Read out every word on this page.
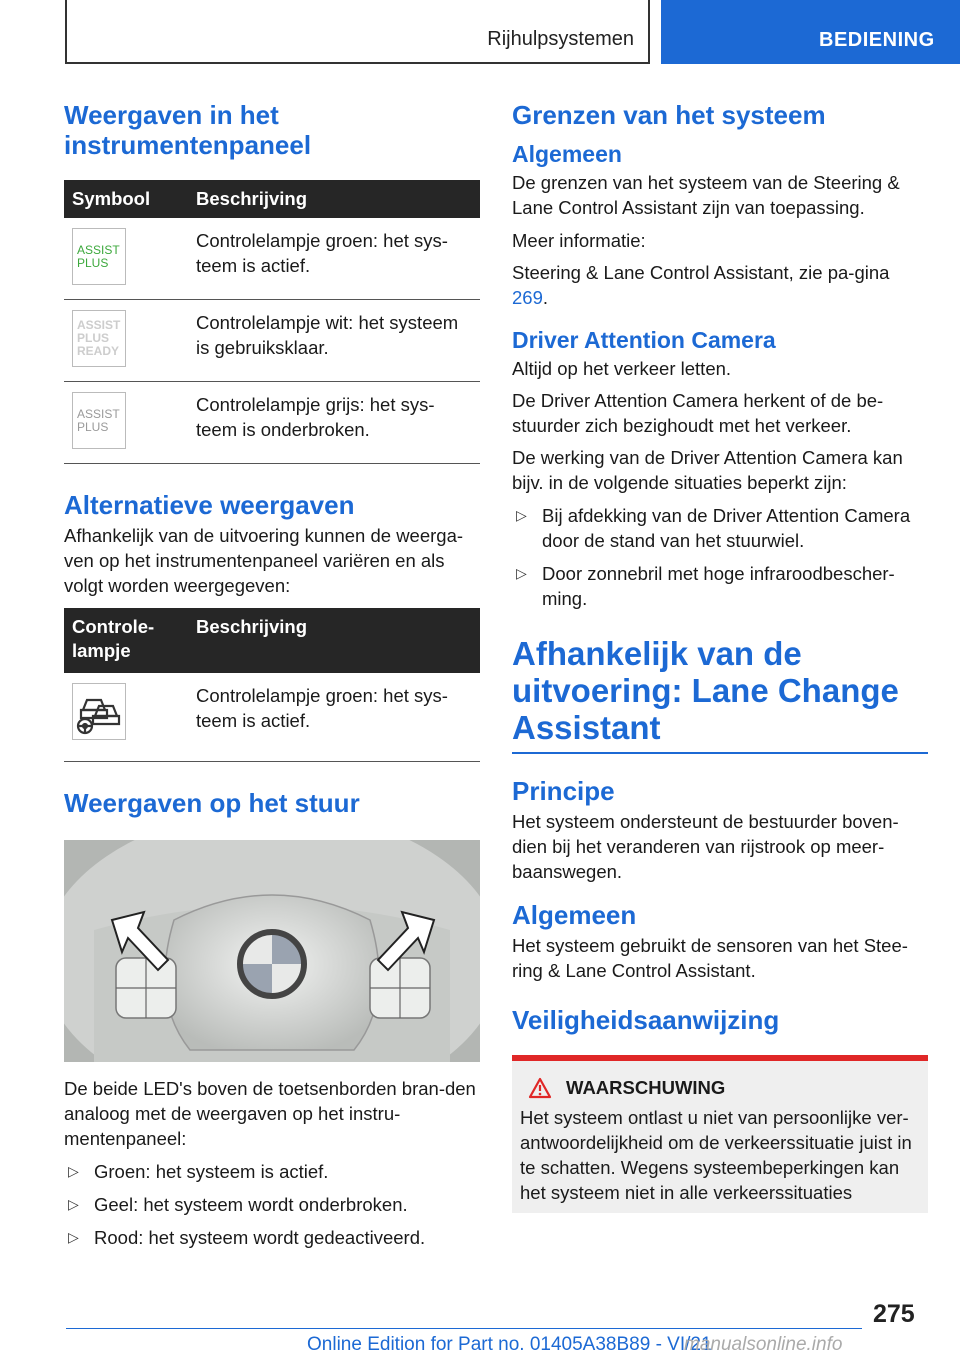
Rijhulpsystemen	BEDIENING
Weergaven in het instrumentenpaneel
Symbool	Beschrijving

ASSIST
PLUS	Controlelampje groen: het sys-teem is actief.

ASSIST
PLUS
READY	Controlelampje wit: het systeem is gebruiksklaar.

ASSIST
PLUS	Controlelampje grijs: het sys-teem is onderbroken.
Alternatieve weergaven

Afhankelijk van de uitvoering kunnen de weerga-ven op het instrumentenpaneel variëren en als volgt worden weergegeven:

Controle-lampje	Beschrijving

	Controlelampje groen: het sys-teem is actief.
Weergaven op het stuur

De beide LED's boven de toetsenborden bran-den analoog met de weergaven op het instru-mentenpaneel:

▷ Groen: het systeem is actief.
▷ Geel: het systeem wordt onderbroken.
▷ Rood: het systeem wordt gedeactiveerd.
Grenzen van het systeem
Algemeen

De grenzen van het systeem van de Steering & Lane Control Assistant zijn van toepassing.

Meer informatie:

Steering & Lane Control Assistant, zie pa-gina 269.

Driver Attention Camera

Altijd op het verkeer letten.

De Driver Attention Camera herkent of de be-stuurder zich bezighoudt met het verkeer.

De werking van de Driver Attention Camera kan bijv. in de volgende situaties beperkt zijn:

▷ Bij afdekking van de Driver Attention Camera door de stand van het stuurwiel.
▷ Door zonnebril met hoge infraroodbescher-ming.
Afhankelijk van de uitvoering: Lane Change Assistant
Principe

Het systeem ondersteunt de bestuurder boven-dien bij het veranderen van rijstrook op meer-baanswegen.

Algemeen

Het systeem gebruikt de sensoren van het Stee-ring & Lane Control Assistant.

Veiligheidsaanwijzing
WAARSCHUWING

Het systeem ontlast u niet van persoonlijke ver-antwoordelijkheid om de verkeerssituatie juist in te schatten. Wegens systeembeperkingen kan het systeem niet in alle verkeerssituaties

275
Online Edition for Part no. 01405A38B89 - VI/21
manualsonline.info
